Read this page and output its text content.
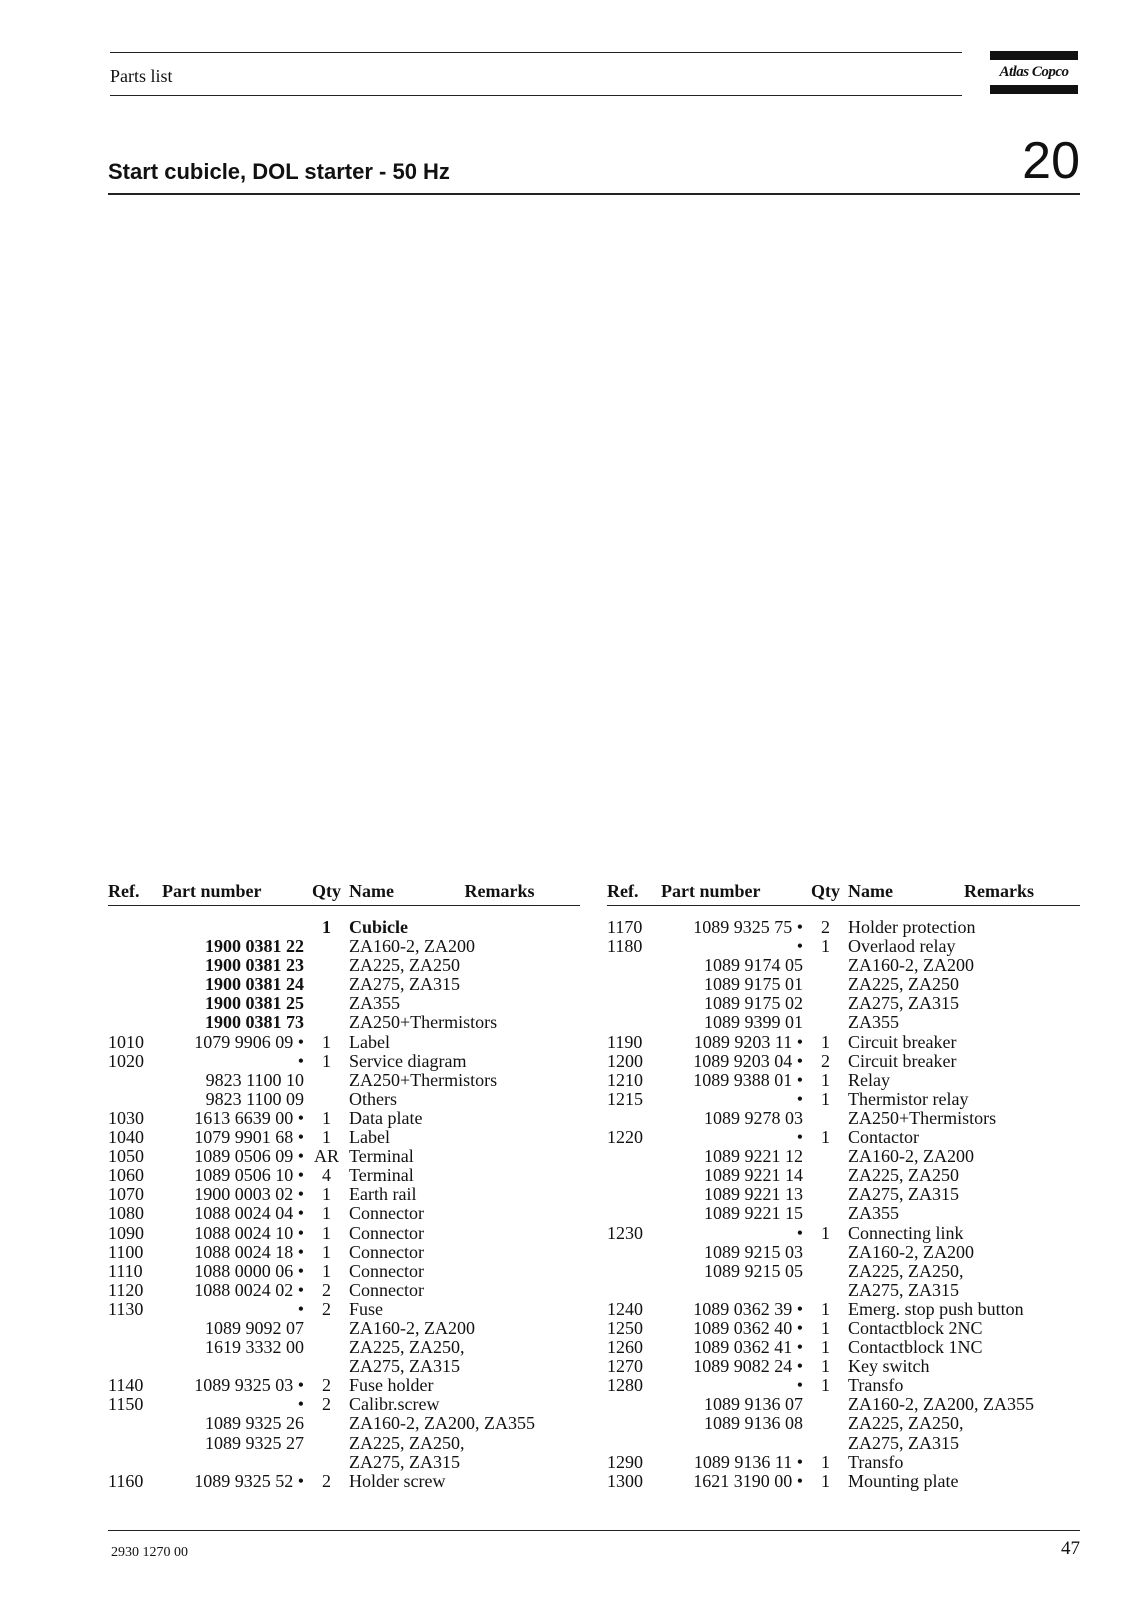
Parts list	Atlas Copco
Start cubicle, DOL starter - 50 Hz	20
Ref.	Part number	Qty	Name	Remarks

		1	Cubicle	
	1900 0381 22		ZA160-2, ZA200	
	1900 0381 23		ZA225, ZA250	
	1900 0381 24		ZA275, ZA315	
	1900 0381 25		ZA355	
	1900 0381 73		ZA250+Thermistors	
1010	1079 9906 09 •	1	Label	
1020	•	1	Service diagram	
	9823 1100 10		ZA250+Thermistors	
	9823 1100 09		Others	
1030	1613 6639 00 •	1	Data plate	
1040	1079 9901 68 •	1	Label	
1050	1089 0506 09 •	AR	Terminal	
1060	1089 0506 10 •	4	Terminal	
1070	1900 0003 02 •	1	Earth rail	
1080	1088 0024 04 •	1	Connector	
1090	1088 0024 10 •	1	Connector	
1100	1088 0024 18 •	1	Connector	
1110	1088 0000 06 •	1	Connector	
1120	1088 0024 02 •	2	Connector	
1130	•	2	Fuse	
	1089 9092 07		ZA160-2, ZA200	
	1619 3332 00		ZA225, ZA250,	
			ZA275, ZA315	
1140	1089 9325 03 •	2	Fuse holder	
1150	•	2	Calibr.screw	
	1089 9325 26		ZA160-2, ZA200, ZA355	
	1089 9325 27		ZA225, ZA250,	
			ZA275, ZA315	
1160	1089 9325 52 •	2	Holder screw	
Ref.	Part number	Qty	Name	Remarks

1170	1089 9325 75 •	2	Holder protection	
1180	•	1	Overlaod relay	
	1089 9174 05		ZA160-2, ZA200	
	1089 9175 01		ZA225, ZA250	
	1089 9175 02		ZA275, ZA315	
	1089 9399 01		ZA355	
1190	1089 9203 11 •	1	Circuit breaker	
1200	1089 9203 04 •	2	Circuit breaker	
1210	1089 9388 01 •	1	Relay	
1215	•	1	Thermistor relay	
	1089 9278 03		ZA250+Thermistors	
1220	•	1	Contactor	
	1089 9221 12		ZA160-2, ZA200	
	1089 9221 14		ZA225, ZA250	
	1089 9221 13		ZA275, ZA315	
	1089 9221 15		ZA355	
1230	•	1	Connecting link	
	1089 9215 03		ZA160-2, ZA200	
	1089 9215 05		ZA225, ZA250,	
			ZA275, ZA315	
1240	1089 0362 39 •	1	Emerg. stop push button	
1250	1089 0362 40 •	1	Contactblock 2NC	
1260	1089 0362 41 •	1	Contactblock 1NC	
1270	1089 9082 24 •	1	Key switch	
1280	•	1	Transfo	
	1089 9136 07		ZA160-2, ZA200, ZA355	
	1089 9136 08		ZA225, ZA250,	
			ZA275, ZA315	
1290	1089 9136 11 •	1	Transfo	
1300	1621 3190 00 •	1	Mounting plate	
2930 1270 00	47
